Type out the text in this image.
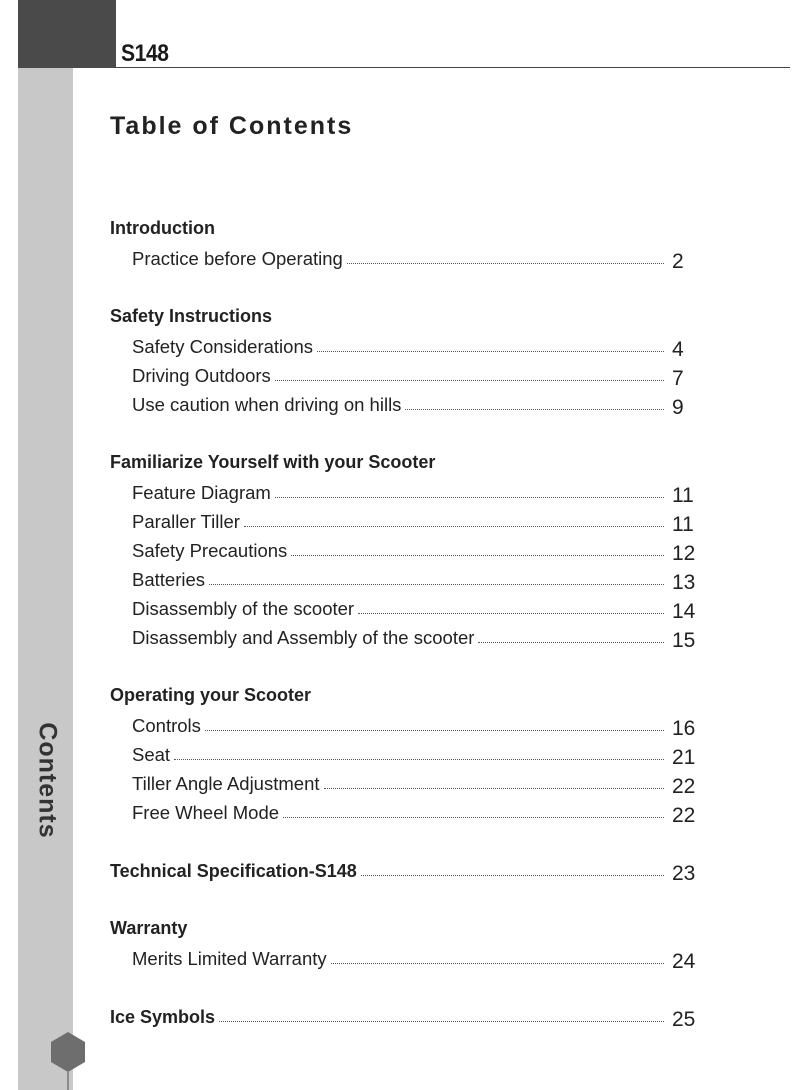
S148
Contents
Table of Contents
Introduction
Practice before Operating	2
Safety Instructions
Safety Considerations	4
Driving Outdoors	7
Use caution when driving on hills	9
Familiarize Yourself with your Scooter
Feature Diagram	11
Paraller Tiller	11
Safety Precautions	12
Batteries	13
Disassembly of the scooter	14
Disassembly and Assembly of the scooter	15
Operating your Scooter
Controls	16
Seat	21
Tiller Angle Adjustment	22
Free Wheel Mode	22
Technical Specification-S148	23
Warranty
Merits Limited Warranty	24
Ice Symbols	25
